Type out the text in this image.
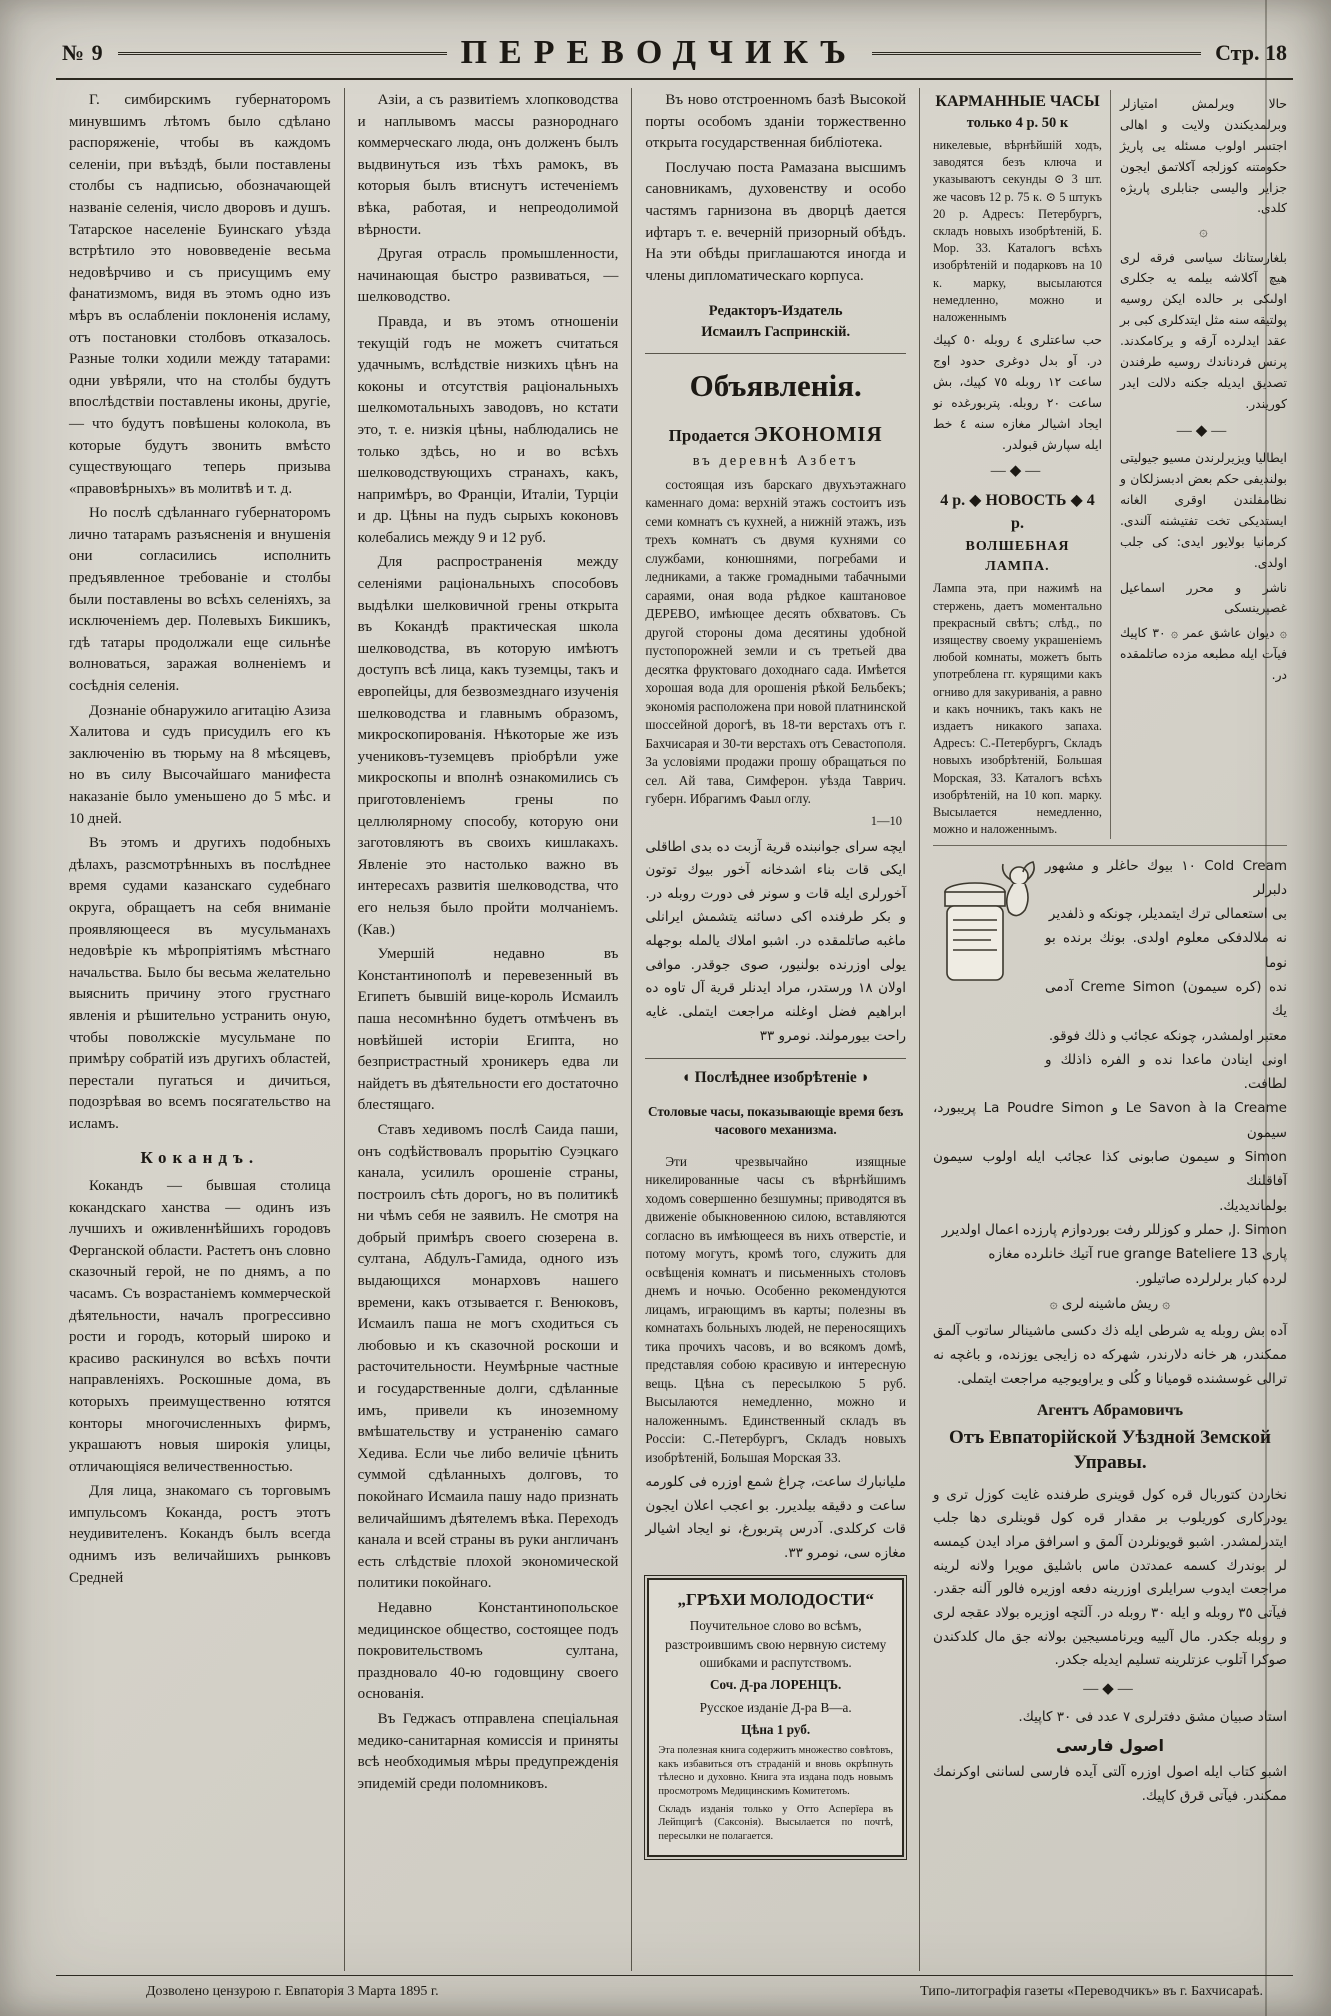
№ 9	ПЕРЕВОДЧИКЪ	Стр. 18

Г. симбирскимъ губернаторомъ минувшимъ лѣтомъ было сдѣлано распоряженіе, чтобы въ каждомъ селеніи, при въѣздѣ, были поставлены столбы съ надписью, обозначающей названіе селенія, число дворовъ и душъ. Татарское населеніе Буинскаго уѣзда встрѣтило это нововведеніе весьма недовѣрчиво и съ присущимъ ему фанатизмомъ, видя въ этомъ одно изъ мѣръ въ ослабленіи поклоненія исламу, отъ постановки столбовъ отказалось. Разные толки ходили между татарами: одни увѣряли, что на столбы будутъ впослѣдствіи поставлены иконы, другіе, — что будутъ повѣшены колокола, въ которые будутъ звонить вмѣсто существующаго теперь призыва «правовѣрныхъ» въ молитвѣ и т. д.

Но послѣ сдѣланнаго губернаторомъ лично татарамъ разъясненія и внушенія они согласились исполнить предъявленное требованіе и столбы были поставлены во всѣхъ селеніяхъ, за исключеніемъ дер. Полевыхъ Бикшикъ, гдѣ татары продолжали еще сильнѣе волноваться, заражая волненіемъ и сосѣднія селенія.

Дознаніе обнаружило агитацію Азиза Халитова и судъ присудилъ его къ заключенію въ тюрьму на 8 мѣсяцевъ, но въ силу Высочайшаго манифеста наказаніе было уменьшено до 5 мѣс. и 10 дней.

Въ этомъ и другихъ подобныхъ дѣлахъ, разсмотрѣнныхъ въ послѣднее время судами казанскаго судебнаго округа, обращаетъ на себя вниманіе проявляющееся въ мусульманахъ недовѣріе къ мѣропріятіямъ мѣстнаго начальства. Было бы весьма желательно выяснить причину этого грустнаго явленія и рѣшительно устранить оную, чтобы поволжскіе мусульмане по примѣру собратій изъ другихъ областей, перестали пугаться и дичиться, подозрѣвая во всемъ посягательство на исламъ.

Кокандъ.

Кокандъ — бывшая столица кокандскаго ханства — одинъ изъ лучшихъ и оживленнѣйшихъ городовъ Ферганской области. Растетъ онъ словно сказочный герой, не по днямъ, а по часамъ. Съ возрастаніемъ коммерческой дѣятельности, началъ прогрессивно рости и городъ, который широко и красиво раскинулся во всѣхъ почти направленіяхъ. Роскошные дома, въ которыхъ преимущественно ютятся конторы многочисленныхъ фирмъ, украшаютъ новыя широкія улицы, отличающіяся величественностью.

Для лица, знакомаго съ торговымъ импульсомъ Коканда, ростъ этотъ неудивителенъ. Кокандъ былъ всегда однимъ изъ величайшихъ рынковъ Средней

Азіи, а съ развитіемъ хлопководства и наплывомъ массы разнороднаго коммерческаго люда, онъ долженъ былъ выдвинуться изъ тѣхъ рамокъ, въ которыя былъ втиснутъ истеченіемъ вѣка, работая, и непреодолимой вѣрности.

Другая отрасль промышленности, начинающая быстро развиваться, — шелководство.

Правда, и въ этомъ отношеніи текущій годъ не можетъ считаться удачнымъ, вслѣдствіе низкихъ цѣнъ на коконы и отсутствія раціональныхъ шелкомотальныхъ заводовъ, но кстати это, т. е. низкія цѣны, наблюдались не только здѣсь, но и во всѣхъ шелководствующихъ странахъ, какъ, напримѣръ, во Франціи, Италіи, Турціи и др. Цѣны на пудъ сырыхъ коконовъ колебались между 9 и 12 руб.

Для распространенія между селеніями раціональныхъ способовъ выдѣлки шелковичной грены открыта въ Кокандѣ практическая школа шелководства, въ которую имѣютъ доступъ всѣ лица, какъ туземцы, такъ и европейцы, для безвозмезднаго изученія шелководства и главнымъ образомъ, микроскопированія. Нѣкоторые же изъ учениковъ-туземцевъ пріобрѣли уже микроскопы и вполнѣ ознакомились съ приготовленіемъ грены по целлюлярному способу, которую они заготовляютъ въ своихъ кишлакахъ. Явленіе это настолько важно въ интересахъ развитія шелководства, что его нельзя было пройти молчаніемъ. (Кав.)

Умершій недавно въ Константинополѣ и перевезенный въ Египетъ бывшій вице-король Исмаилъ паша несомнѣнно будетъ отмѣченъ въ новѣйшей исторіи Египта, но безпристрастный хроникеръ едва ли найдетъ въ дѣятельности его достаточно блестящаго.

Ставъ хедивомъ послѣ Саида паши, онъ содѣйствовалъ прорытію Суэцкаго канала, усилилъ орошеніе страны, построилъ сѣть дорогъ, но въ политикѣ ни чѣмъ себя не заявилъ. Не смотря на добрый примѣръ своего сюзерена в. султана, Абдулъ-Гамида, одного изъ выдающихся монарховъ нашего времени, какъ отзывается г. Венюковъ, Исмаилъ паша не могъ сходиться съ любовью и къ сказочной роскоши и расточительности. Неумѣрные частные и государственные долги, сдѣланные имъ, привели къ иноземному вмѣшательству и устраненію самаго Хедива. Если чье либо величіе цѣнить суммой сдѣланныхъ долговъ, то покойнаго Исмаила пашу надо признать величайшимъ дѣятелемъ вѣка. Переходъ канала и всей страны въ руки англичанъ есть слѣдствіе плохой экономической политики покойнаго.

Недавно Константинопольское медицинское общество, состоящее подъ покровительствомъ султана, праздновало 40-ю годовщину своего основанія.

Въ Геджасъ отправлена спеціальная медико-санитарная комиссія и приняты всѣ необходимыя мѣры предупрежденія эпидемій среди поломниковъ.

Въ ново отстроенномъ базѣ Высокой порты особомъ зданіи торжественно открыта государственная библіотека.

Послучаю поста Рамазана высшимъ сановникамъ, духовенству и особо частямъ гарнизона въ дворцѣ дается ифтаръ т. е. вечерній призорный обѣдъ. На эти обѣды приглашаются иногда и члены дипломатическаго корпуса.

Редакторъ-Издатель

Исмаилъ Гаспринскій.

Объявленія.
Продается ЭКОНОМІЯ
въ деревнѣ Азбетъ

состоящая изъ барскаго двухъэтажнаго каменнаго дома: верхній этажъ состоитъ изъ семи комнатъ съ кухней, а нижній этажъ, изъ трехъ комнатъ съ двумя кухнями со службами, конюшнями, погребами и ледниками, а также громадными табачными сараями, оная вода рѣдкое каштановое ДЕРЕВО, имѣющее десять обхватовъ. Съ другой стороны дома десятины удобной пустопорожней земли и съ третьей два десятка фруктоваго доходнаго сада. Имѣется хорошая вода для орошенія рѣкой Бельбекъ; экономія расположена при новой платнинской шоссейной дорогѣ, въ 18-ти верстахъ отъ г. Бахчисарая и 30-ти верстахъ отъ Севастополя. За условіями продажи прошу обращаться по сел. Ай тава, Симферон. уѣзда Таврич. губерн. Ибрагимъ Фаыл оглу.

1—10

ايچه سراى جوانبنده قرية آزبت ده بدى اطاقلى ايكى قات بناء اشدخانه آخور بيوك توتون آخورلرى ايله قات و سونر فى دورت روبله در. و بكر طرفنده اكى دسائنه يتشمش ايرانلى ماغبه صاتلمقده در. اشبو املاك يالمله بوجهله يولى اوزرنده بولنيور، صوى جوقدر. موافى اولان ١٨ ورستدر، مراد ايدنلر قرية آل تاوه ده ابراهيم فضل اوغلنه مراجعت ايتملى. غايه راحت بيورمولند. نومرو ٣٣

◖ Послѣднее изобрѣтеніе ◗

Столовые часы, показывающіе время безъ часового механизма.

Эти чрезвычайно изящные никелированные часы съ вѣрнѣйшимъ ходомъ совершенно безшумны; приводятся въ движеніе обыкновенною силою, вставляются согласно въ имѣющееся въ нихъ отверстіе, и потому могутъ, кромѣ того, служить для освѣщенія комнатъ и письменныхъ столовъ днемъ и ночью. Особенно рекомендуются лицамъ, играющимъ въ карты; полезны въ комнатахъ больныхъ людей, не переносящихъ тика прочихъ часовъ, и во всякомъ домѣ, представляя собою красивую и интересную вещь. Цѣна съ пересылкою 5 руб. Высылаются немедленно, можно и наложеннымъ. Единственный складъ въ Россіи: С.-Петербургъ, Складъ новыхъ изобрѣтеній, Большая Морская 33.

مليانبارك ساعت، چراغ شمع اوزره فى كلورمه ساعت و دقيقه بيلديرر. بو اعجب اعلان ايجون قات كركلدى. آدرس پتربورغ، نو ايجاد اشيالر مغازه سى، نومرو ٣٣.

„ГРѢХИ МОЛОДОСТИ“

Поучительное слово во всѣмъ, разстроившимъ свою нервную систему ошибками и распутствомъ.

Соч. Д-ра ЛОРЕНЦЪ.

Русское изданіе Д-ра В—а.

Цѣна 1 руб.

Эта полезная книга содержитъ множество совѣтовъ, какъ избавиться отъ страданій и вновь окрѣпнуть тѣлесно и духовно. Книга эта издана подъ новымъ просмотромъ Медицинскимъ Комитетомъ.

Складъ изданія только у Отто Асперīера въ Лейпцигѣ (Саксонія). Высылается по почтѣ, пересылки не полагается.

КАРМАННЫЕ ЧАСЫ
только 4 р. 50 к

никелевые, вѣрнѣйшій ходъ, заводятся безъ ключа и указываютъ секунды ⊙ 3 шт. же часовъ 12 р. 75 к. ⊙ 5 штукъ 20 р. Адресъ: Петербургъ, складъ новыхъ изобрѣтеній, Б. Мор. 33. Каталогъ всѣхъ изобрѣтеній и подарковъ на 10 к. марку, высылаются немедленно, можно и наложеннымъ

حب ساعتلرى ٤ روبله ٥٠ كپيك در. آو بدل دوغرى حدود اوج ساعت ١٢ روبله ٧٥ كپيك، بش ساعت ٢٠ روبله. پتربورغده نو ايجاد اشيالر مغازه سنه ٤ خط ايله سپارش قبولدر.

—◆—
4 р. ◆ НОВОСТЬ ◆ 4 р.
ВОЛШЕБНАЯ ЛАМПА.

Лампа эта, при нажимѣ на стержень, даетъ моментально прекрасный свѣтъ; слѣд., по изяществу своему украшеніемъ любой комнаты, можетъ быть употреблена гг. курящими какъ огниво для закуриванія, а равно и какъ ночникъ, такъ какъ не издаетъ никакого запаха. Адресъ: С.-Петербургъ, Складъ новыхъ изобрѣтеній, Большая Морская, 33. Каталогъ всѣхъ изобрѣтеній, на 10 коп. марку. Высылается немедленно, можно и наложеннымъ.

حالا ويرلمش امتيازلر وبرلمديكندن ولايت و اهالى اجتسر اولوب مسئله يى پاريژ حكومتنه كوزلجه آكلاتمق ايجون جزاير واليسى جنابلرى پاريژه كلدى.

۞

بلغارستانك سياسى فرقه لرى هيچ آكلاشه بيلمه يه جكلرى اولىكى بر حالده ايكن روسيه پولتيقه سنه مثل ايتدكلرى كبى بر عقد ايدلرده آرقه و يركامكدند. پرنس فردناندك روسيه طرفندن تصديق ايديله جكنه دلالت ايدر كوريندر.

—◆—

ايطاليا ويزيرلرندن مسيو جيوليتى بولنديفى حكم بعض ادبسزلكان و نظامفلندن اوقرى الغانه ايستديكى تخت تفتيشنه آلندى. كرمانيا بولايور ايدى: كى جلب اولدى.

ناشر و محرر اسماعيل غصپرينسكى

۞ ديوان عاشق عمر ۞ ٣٠ كاپيك فيآت ايله مطبعه مزده صاتلمقده در.

Cold Cream ١٠ بيوك حاغلر و مشهور دلبرلر

بى استعمالى ترك ايتمديلر، چونكه و ذلفدير

نه ملالدفكى معلوم اولدى. بونك برنده بو نوما

نده (كره سيمون) Creme Simon آدمى يك

معتبر اولمشدر، چونكه عجائب و ذلك فوقو.

اونى اينادن ماعدا نده و الفره ذاذلك و لطافت.

Le Savon à la Creame و La Poudre Simon پريبورد، سيمون

Simon و سيمون صابونى كذا عجائب ايله اولوب سيمون آفاقلنك

بولمانديديك.

J. Simon, حملر و كوزللر رفت بوردوازم پارزده اعمال اولديرر

پارى 13 rue grange Bateliere آتيك خانلرده مغازه

لرده كبار برلرلرده صاتيلور.

۞ ريش ماشينه لرى ۞

آده بش روبله يه شرطى ايله ذك دكسى ماشينالر ساتوب آلمق ممكندر، هر خانه دلارندر، شهركه ده زايجى يوزنده، و باغچه نه ترالى غوسشنده قوميانا و كُلى و يراويوجيه مراجعت ايتملى.

Агентъ Абрамовичъ
Отъ Евпаторійской Уѣздной Земской Управы.

نخاردن كتوربال قره كول قوينرى طرفنده غايت كوزل ترى و يودركارى كوريلوب بر مقدار قره كول قوينلرى دها جلب ايتدرلمشدر. اشبو قويونلردن آلمق و اسرافق مراد ايدن كيمسه لر بوندرك كسمه عمدتدن ماس باشليق مويرا ولانه لرينه مراجعت ايدوب سرايلرى اوزرينه دفعه اوزيره فالور آلنه جقدر. فيآتى ٣٥ روبله و ايله ٣٠ روبله در. آلتچه اوزيره بولاد عقجه لرى و روبله جكدر. مال آلييه ويرنامسيجين بولانه جق مال كلدكندن صوكرا آتلوب عزتلرينه تسليم ايديله جكدر.

—◆—

استاد صبيان مشق دفترلرى ٧ عدد فى ٣٠ كاپيك.

اصول فارسى

اشبو كتاب ايله اصول اوزره آلتى آيده فارسى لساننى اوكرنمك ممكندر. فيآتى قرق كاپيك.

Дозволено цензурою г. Евпаторія 3 Марта 1895 г.	Типо-литографія газеты «Переводчикъ» въ г. Бахчисараѣ.
